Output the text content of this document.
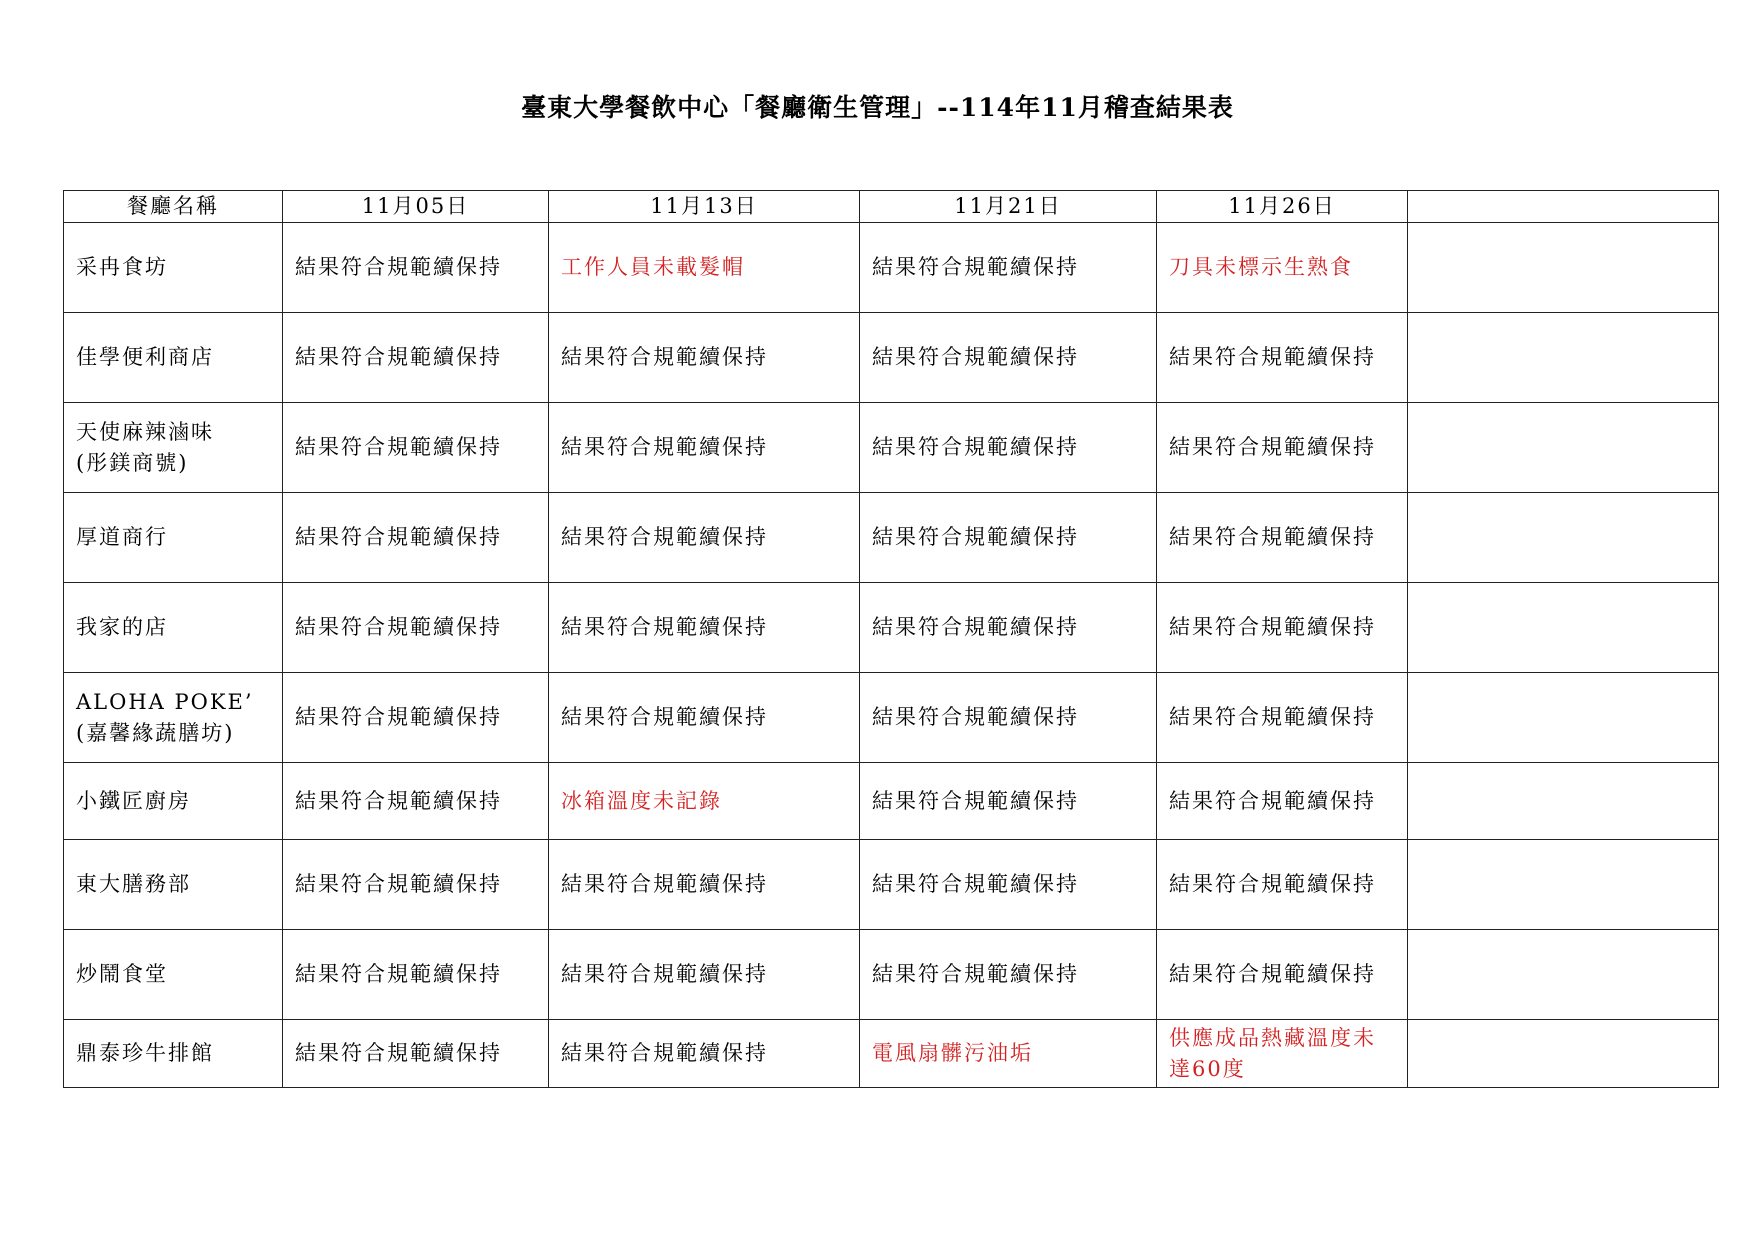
臺東大學餐飲中心「餐廳衛生管理」--114年11月稽查結果表
餐廳名稱	11月05日	11月13日	11月21日	11月26日	

采冉食坊	結果符合規範續保持	工作人員未載髮帽	結果符合規範續保持	刀具未標示生熟食	

佳學便利商店	結果符合規範續保持	結果符合規範續保持	結果符合規範續保持	結果符合規範續保持	

天使麻辣滷味
(彤鎂商號)	結果符合規範續保持	結果符合規範續保持	結果符合規範續保持	結果符合規範續保持	

厚道商行	結果符合規範續保持	結果符合規範續保持	結果符合規範續保持	結果符合規範續保持	

我家的店	結果符合規範續保持	結果符合規範續保持	結果符合規範續保持	結果符合規範續保持	

ALOHA POKE’
(嘉馨緣蔬膳坊)	結果符合規範續保持	結果符合規範續保持	結果符合規範續保持	結果符合規範續保持	

小鐵匠廚房	結果符合規範續保持	冰箱溫度未記錄	結果符合規範續保持	結果符合規範續保持	

東大膳務部	結果符合規範續保持	結果符合規範續保持	結果符合規範續保持	結果符合規範續保持	

炒鬧食堂	結果符合規範續保持	結果符合規範續保持	結果符合規範續保持	結果符合規範續保持	

鼎泰珍牛排館	結果符合規範續保持	結果符合規範續保持	電風扇髒污油垢	供應成品熱藏溫度未達60度	
